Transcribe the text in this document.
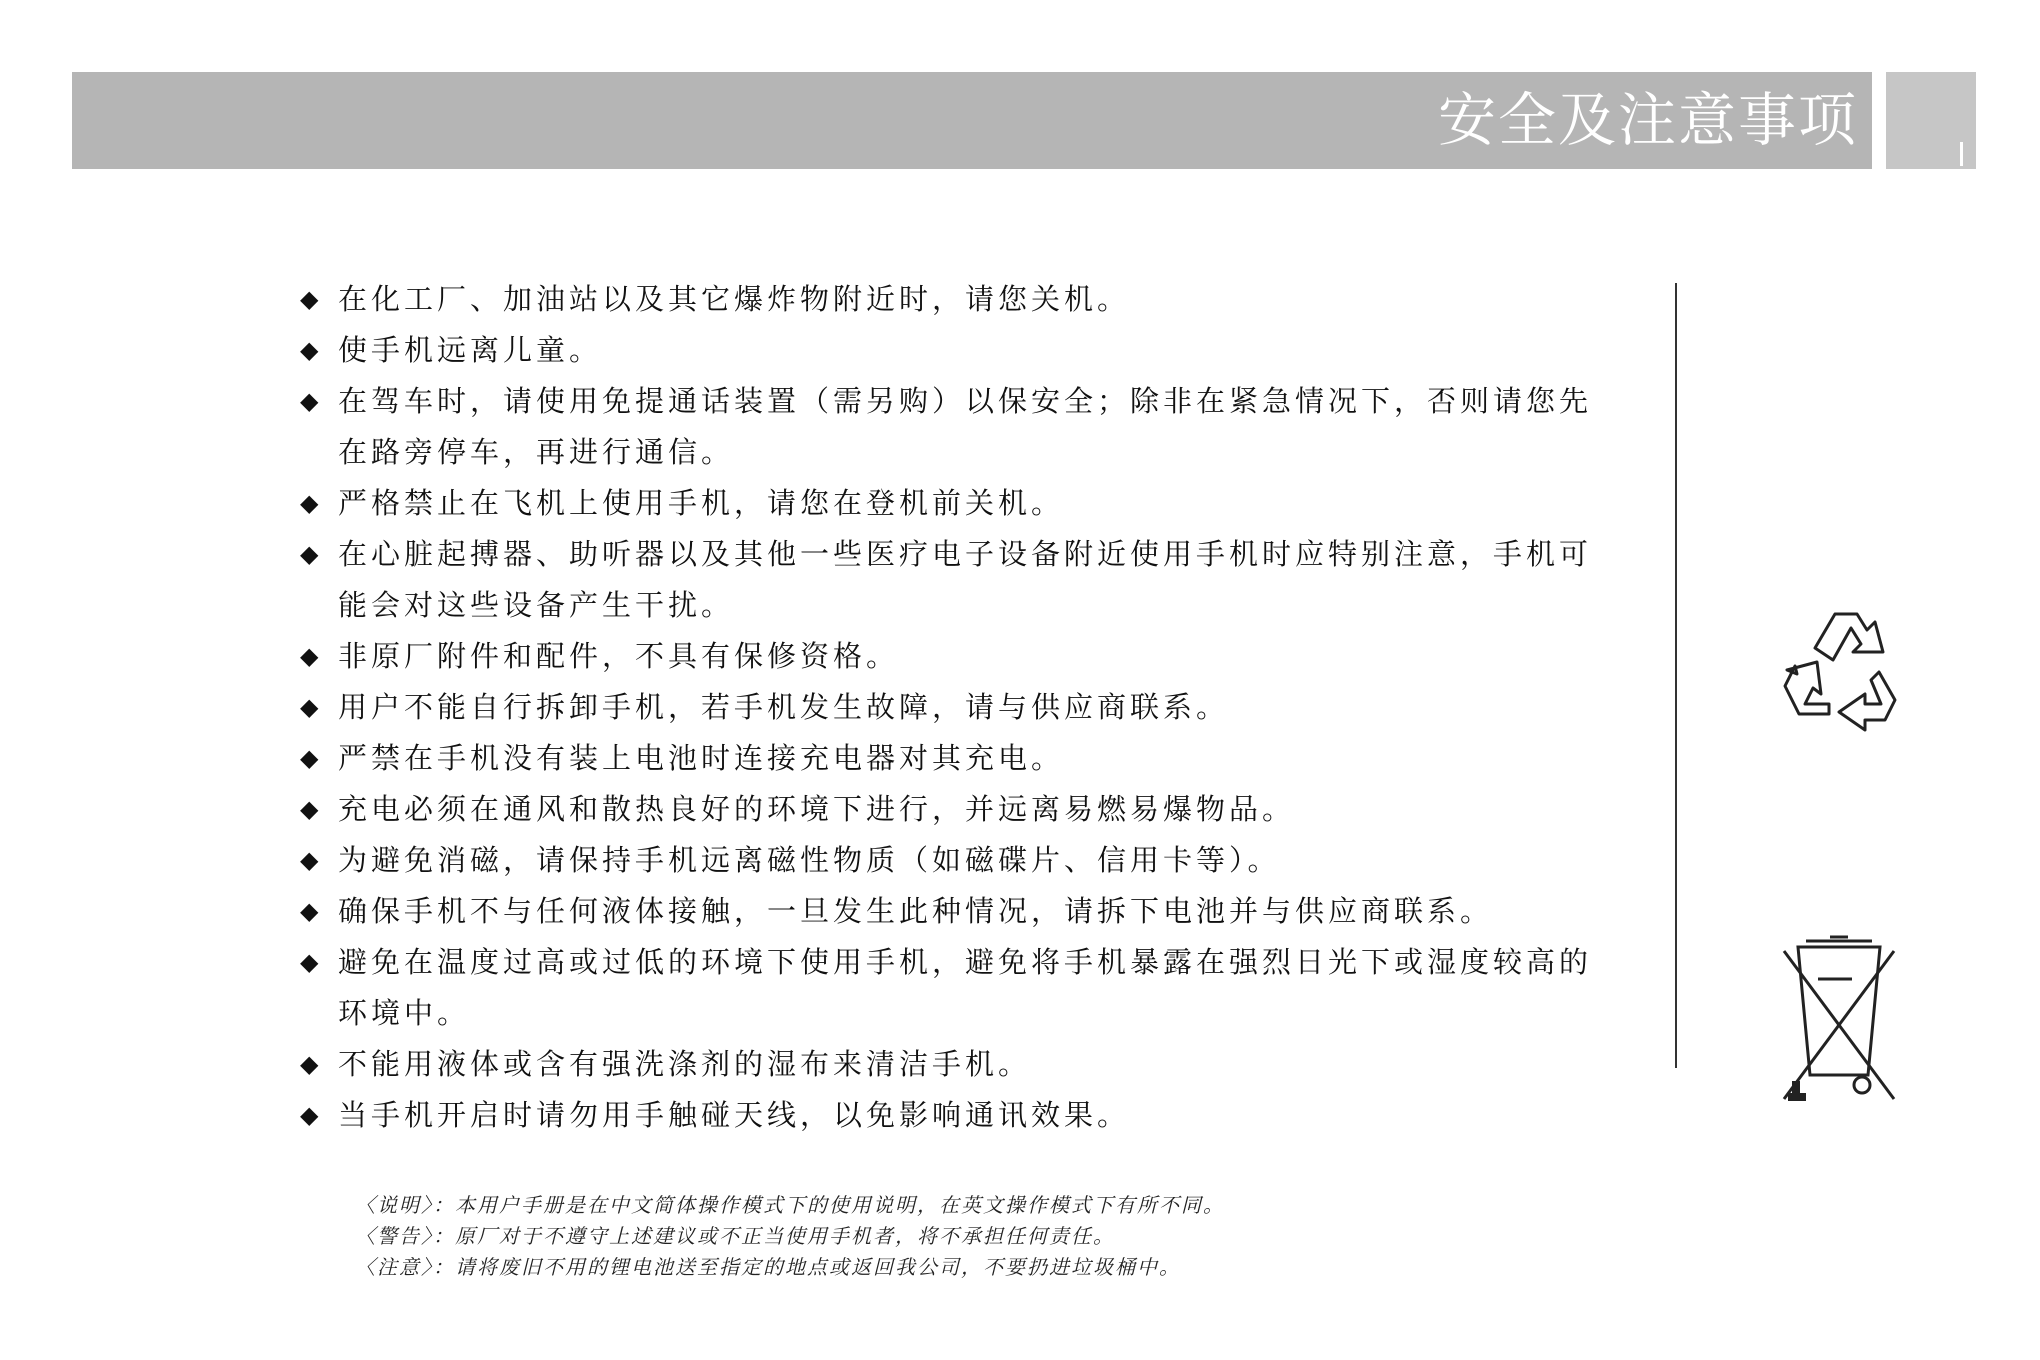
安全及注意事项
◆ 在化工厂、加油站以及其它爆炸物附近时，请您关机。
◆ 使手机远离儿童。
◆ 在驾车时，请使用免提通话装置（需另购）以保安全；除非在紧急情况下，否则请您先在路旁停车，再进行通信。
◆ 严格禁止在飞机上使用手机，请您在登机前关机。
◆ 在心脏起搏器、助听器以及其他一些医疗电子设备附近使用手机时应特别注意，手机可能会对这些设备产生干扰。
◆ 非原厂附件和配件，不具有保修资格。
◆ 用户不能自行拆卸手机，若手机发生故障，请与供应商联系。
◆ 严禁在手机没有装上电池时连接充电器对其充电。
◆ 充电必须在通风和散热良好的环境下进行，并远离易燃易爆物品。
◆ 为避免消磁，请保持手机远离磁性物质（如磁碟片、信用卡等）。
◆ 确保手机不与任何液体接触，一旦发生此种情况，请拆下电池并与供应商联系。
◆ 避免在温度过高或过低的环境下使用手机，避免将手机暴露在强烈日光下或湿度较高的环境中。
◆ 不能用液体或含有强洗涤剂的湿布来清洁手机。
◆ 当手机开启时请勿用手触碰天线，以免影响通讯效果。
〈说明〉：本用户手册是在中文简体操作模式下的使用说明，在英文操作模式下有所不同。
〈警告〉：原厂对于不遵守上述建议或不正当使用手机者，将不承担任何责任。
〈注意〉：请将废旧不用的锂电池送至指定的地点或返回我公司，不要扔进垃圾桶中。
